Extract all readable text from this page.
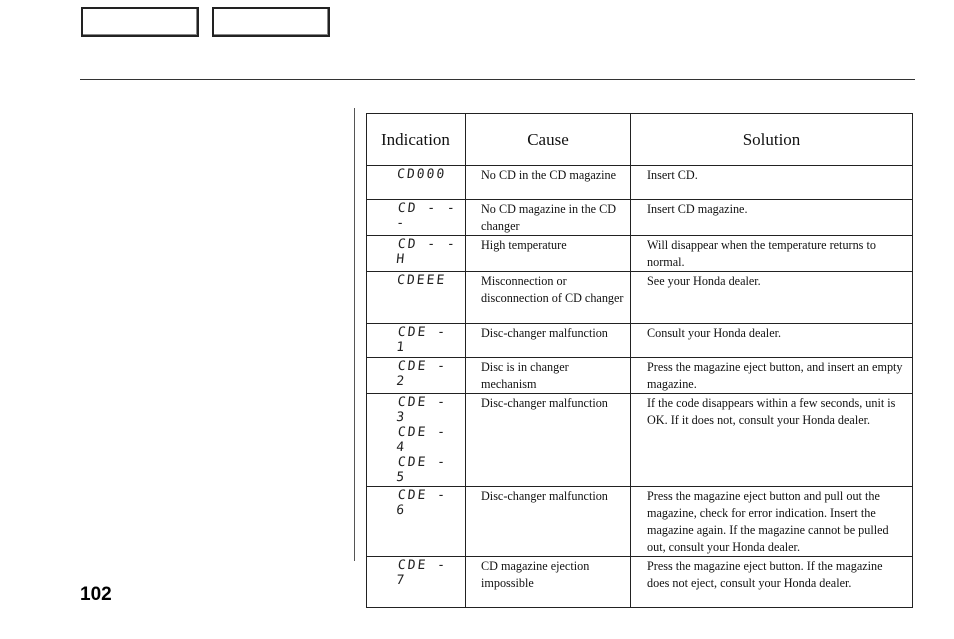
Indication	Cause	Solution

CD000	No CD in the CD magazine	Insert CD.

CD - - -	No CD magazine in the CD changer	Insert CD magazine.

CD - - H	High temperature	Will disappear when the temperature returns to normal.

CDEEE	Misconnection or disconnection of CD changer	See your Honda dealer.

CDE - 1	Disc-changer malfunction	Consult your Honda dealer.

CDE - 2	Disc is in changer mechanism	Press the magazine eject button, and insert an empty magazine.

CDE - 3
CDE - 4
CDE - 5	Disc-changer malfunction	If the code disappears within a few seconds, unit is OK. If it does not, consult your Honda dealer.

CDE - 6	Disc-changer malfunction	Press the magazine eject button and pull out the magazine, check for error indication. Insert the magazine again. If the magazine cannot be pulled out, consult your Honda dealer.

CDE - 7	CD magazine ejection impossible	Press the magazine eject button. If the magazine does not eject, consult your Honda dealer.
102
